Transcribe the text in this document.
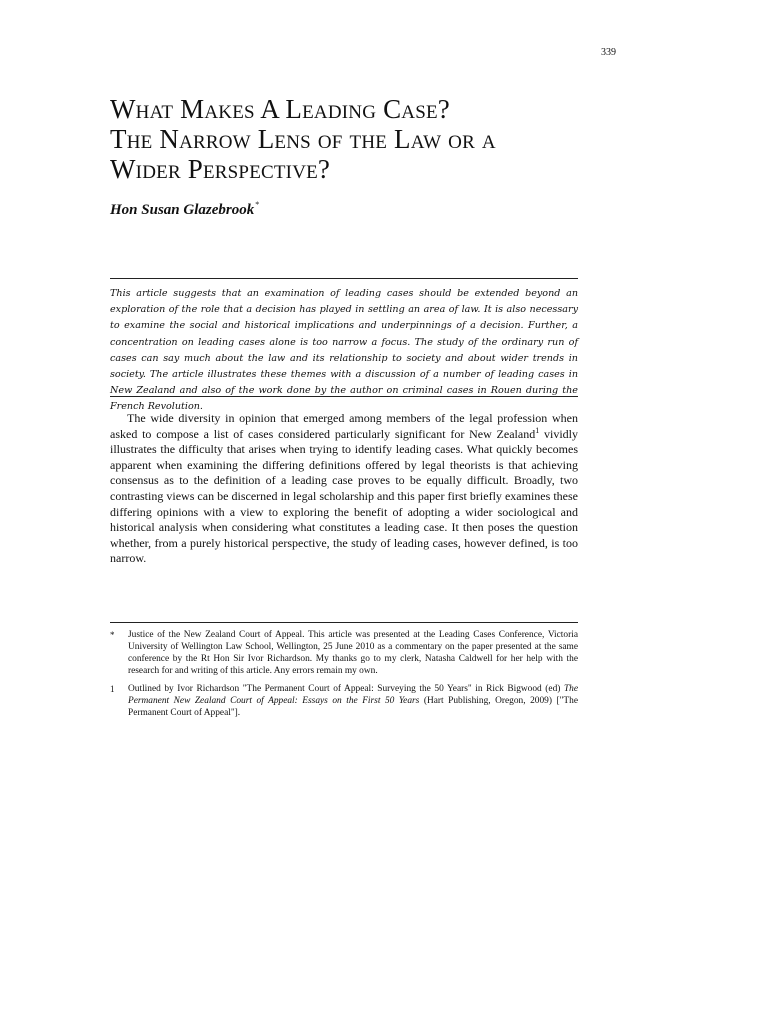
339
What Makes A Leading Case?
The Narrow Lens of the Law or a
Wider Perspective?
Hon Susan Glazebrook*

This article suggests that an examination of leading cases should be extended beyond an exploration of the role that a decision has played in settling an area of law. It is also necessary to examine the social and historical implications and underpinnings of a decision. Further, a concentration on leading cases alone is too narrow a focus. The study of the ordinary run of cases can say much about the law and its relationship to society and about wider trends in society. The article illustrates these themes with a discussion of a number of leading cases in New Zealand and also of the work done by the author on criminal cases in Rouen during the French Revolution.

The wide diversity in opinion that emerged among members of the legal profession when asked to compose a list of cases considered particularly significant for New Zealand$^1$ vividly illustrates the difficulty that arises when trying to identify leading cases. What quickly becomes apparent when examining the differing definitions offered by legal theorists is that achieving consensus as to the definition of a leading case proves to be equally difficult. Broadly, two contrasting views can be discerned in legal scholarship and this paper first briefly examines these differing opinions with a view to exploring the benefit of adopting a wider sociological and historical analysis when considering what constitutes a leading case. It then poses the question whether, from a purely historical perspective, the study of leading cases, however defined, is too narrow.

*	Justice of the New Zealand Court of Appeal. This article was presented at the Leading Cases Conference, Victoria University of Wellington Law School, Wellington, 25 June 2010 as a commentary on the paper presented at the same conference by the Rt Hon Sir Ivor Richardson. My thanks go to my clerk, Natasha Caldwell for her help with the research for and writing of this article. Any errors remain my own.
1	Outlined by Ivor Richardson "The Permanent Court of Appeal: Surveying the 50 Years" in Rick Bigwood (ed) The Permanent New Zealand Court of Appeal: Essays on the First 50 Years (Hart Publishing, Oregon, 2009) ["The Permanent Court of Appeal"].
